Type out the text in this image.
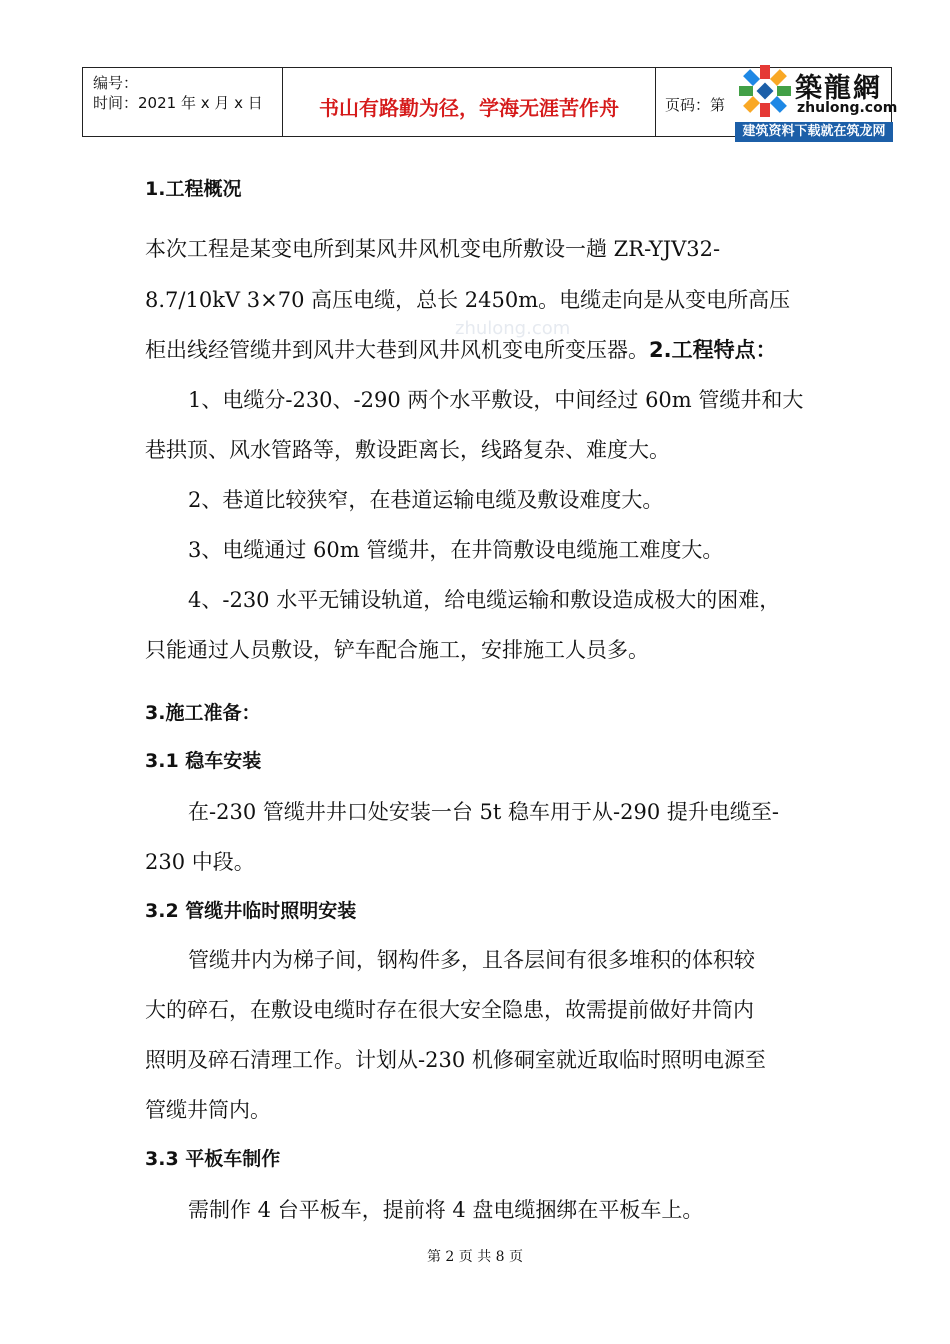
编号：
时间：2021 年 x 月 x 日	书山有路勤为径，学海无涯苦作舟	页码：第
築龍網
zhulong.com
建筑资料下载就在筑龙网
zhulong.com
1.工程概况
本次工程是某变电所到某风井风机变电所敷设一趟 ZR-YJV32-
8.7/10kV 3×70 高压电缆，总长 2450m。电缆走向是从变电所高压
柜出线经管缆井到风井大巷到风井风机变电所变压器。2.工程特点：
1、电缆分-230、-290 两个水平敷设，中间经过 60m 管缆井和大
巷拱顶、风水管路等，敷设距离长，线路复杂、难度大。
2、巷道比较狭窄，在巷道运输电缆及敷设难度大。
3、电缆通过 60m 管缆井，在井筒敷设电缆施工难度大。
4、-230 水平无铺设轨道，给电缆运输和敷设造成极大的困难，
只能通过人员敷设，铲车配合施工，安排施工人员多。
3.施工准备：
3.1 稳车安装
在-230 管缆井井口处安装一台 5t 稳车用于从-290 提升电缆至-
230 中段。
3.2 管缆井临时照明安装
管缆井内为梯子间，钢构件多，且各层间有很多堆积的体积较
大的碎石，在敷设电缆时存在很大安全隐患，故需提前做好井筒内
照明及碎石清理工作。计划从-230 机修硐室就近取临时照明电源至
管缆井筒内。
3.3 平板车制作
需制作 4 台平板车，提前将 4 盘电缆捆绑在平板车上。
第 2 页 共 8 页
